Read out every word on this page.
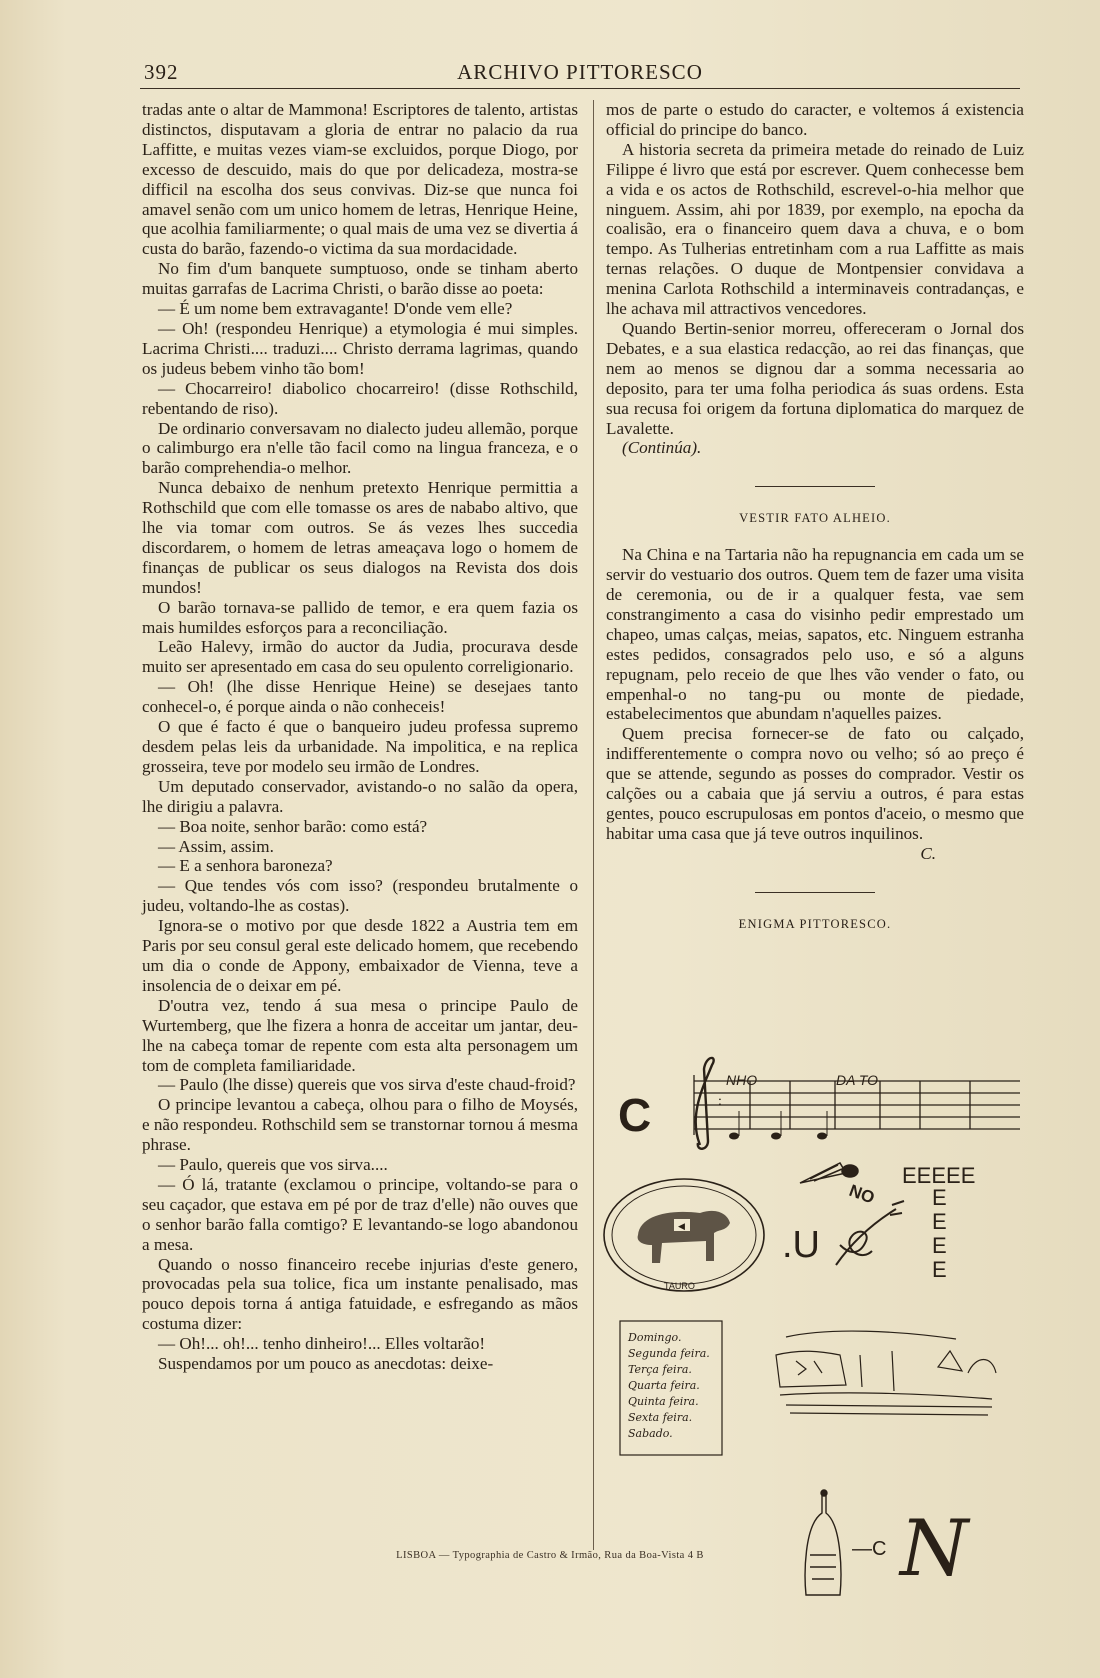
392	ARCHIVO PITTORESCO

tradas ante o altar de Mammona! Escriptores de talento, artistas distinctos, disputavam a gloria de entrar no palacio da rua Laffitte, e muitas vezes viam-se excluidos, porque Diogo, por excesso de descuido, mais do que por delicadeza, mostra-se difficil na escolha dos seus convivas. Diz-se que nunca foi amavel senão com um unico homem de letras, Henrique Heine, que acolhia familiarmente; o qual mais de uma vez se divertia á custa do barão, fazendo-o victima da sua mordacidade.

No fim d'um banquete sumptuoso, onde se tinham aberto muitas garrafas de Lacrima Christi, o barão disse ao poeta:

— É um nome bem extravagante! D'onde vem elle?

— Oh! (respondeu Henrique) a etymologia é mui simples. Lacrima Christi.... traduzi.... Christo derrama lagrimas, quando os judeus bebem vinho tão bom!

— Chocarreiro! diabolico chocarreiro! (disse Rothschild, rebentando de riso).

De ordinario conversavam no dialecto judeu allemão, porque o calimburgo era n'elle tão facil como na lingua franceza, e o barão comprehendia-o melhor.

Nunca debaixo de nenhum pretexto Henrique permittia a Rothschild que com elle tomasse os ares de nababo altivo, que lhe via tomar com outros. Se ás vezes lhes succedia discordarem, o homem de letras ameaçava logo o homem de finanças de publicar os seus dialogos na Revista dos dois mundos!

O barão tornava-se pallido de temor, e era quem fazia os mais humildes esforços para a reconciliação.

Leão Halevy, irmão do auctor da Judia, procurava desde muito ser apresentado em casa do seu opulento correligionario.

— Oh! (lhe disse Henrique Heine) se desejaes tanto conhecel-o, é porque ainda o não conheceis!

O que é facto é que o banqueiro judeu professa supremo desdem pelas leis da urbanidade. Na impolitica, e na replica grosseira, teve por modelo seu irmão de Londres.

Um deputado conservador, avistando-o no salão da opera, lhe dirigiu a palavra.

— Boa noite, senhor barão: como está?

— Assim, assim.

— E a senhora baroneza?

— Que tendes vós com isso? (respondeu brutalmente o judeu, voltando-lhe as costas).

Ignora-se o motivo por que desde 1822 a Austria tem em Paris por seu consul geral este delicado homem, que recebendo um dia o conde de Appony, embaixador de Vienna, teve a insolencia de o deixar em pé.

D'outra vez, tendo á sua mesa o principe Paulo de Wurtemberg, que lhe fizera a honra de acceitar um jantar, deu-lhe na cabeça tomar de repente com esta alta personagem um tom de completa familiaridade.

— Paulo (lhe disse) quereis que vos sirva d'este chaud-froid?

O principe levantou a cabeça, olhou para o filho de Moysés, e não respondeu. Rothschild sem se transtornar tornou á mesma phrase.

— Paulo, quereis que vos sirva....

— Ó lá, tratante (exclamou o principe, voltando-se para o seu caçador, que estava em pé por de traz d'elle) não ouves que o senhor barão falla comtigo? E levantando-se logo abandonou a mesa.

Quando o nosso financeiro recebe injurias d'este genero, provocadas pela sua tolice, fica um instante penalisado, mas pouco depois torna á antiga fatuidade, e esfregando as mãos costuma dizer:

— Oh!... oh!... tenho dinheiro!... Elles voltarão!

Suspendamos por um pouco as anecdotas: deixe-

mos de parte o estudo do caracter, e voltemos á existencia official do principe do banco.

A historia secreta da primeira metade do reinado de Luiz Filippe é livro que está por escrever. Quem conhecesse bem a vida e os actos de Rothschild, escrevel-o-hia melhor que ninguem. Assim, ahi por 1839, por exemplo, na epocha da coalisão, era o financeiro quem dava a chuva, e o bom tempo. As Tulherias entretinham com a rua Laffitte as mais ternas relações. O duque de Montpensier convidava a menina Carlota Rothschild a interminaveis contradanças, e lhe achava mil attractivos vencedores.

Quando Bertin-senior morreu, offereceram o Jornal dos Debates, e a sua elastica redacção, ao rei das finanças, que nem ao menos se dignou dar a somma necessaria ao deposito, para ter uma folha periodica ás suas ordens. Esta sua recusa foi origem da fortuna diplomatica do marquez de Lavalette.

(Continúa).

VESTIR FATO ALHEIO.

Na China e na Tartaria não ha repugnancia em cada um se servir do vestuario dos outros. Quem tem de fazer uma visita de ceremonia, ou de ir a qualquer festa, vae sem constrangimento a casa do visinho pedir emprestado um chapeo, umas calças, meias, sapatos, etc. Ninguem estranha estes pedidos, consagrados pelo uso, e só a alguns repugnam, pelo receio de que lhes vão vender o fato, ou empenhal-o no tang-pu ou monte de piedade, estabelecimentos que abundam n'aquelles paizes.

Quem precisa fornecer-se de fato ou calçado, indifferentemente o compra novo ou velho; só ao preço é que se attende, segundo as posses do comprador. Vestir os calções ou a cabaia que já serviu a outros, é para estas gentes, pouco escrupulosas em pontos d'aceio, o mesmo que habitar uma casa que já teve outros inquilinos.

C.

ENIGMA PITTORESCO.
C	:
NHO	DA TO
NO
EEEEE
E
E
E
E
◀
TAURO
.U
Domingo.
Segunda feira.
Terça feira.
Quarta feira.
Quinta feira.
Sexta feira.
Sabado.
—C N
LISBOA — Typographia de Castro & Irmão, Rua da Boa-Vista 4 B
